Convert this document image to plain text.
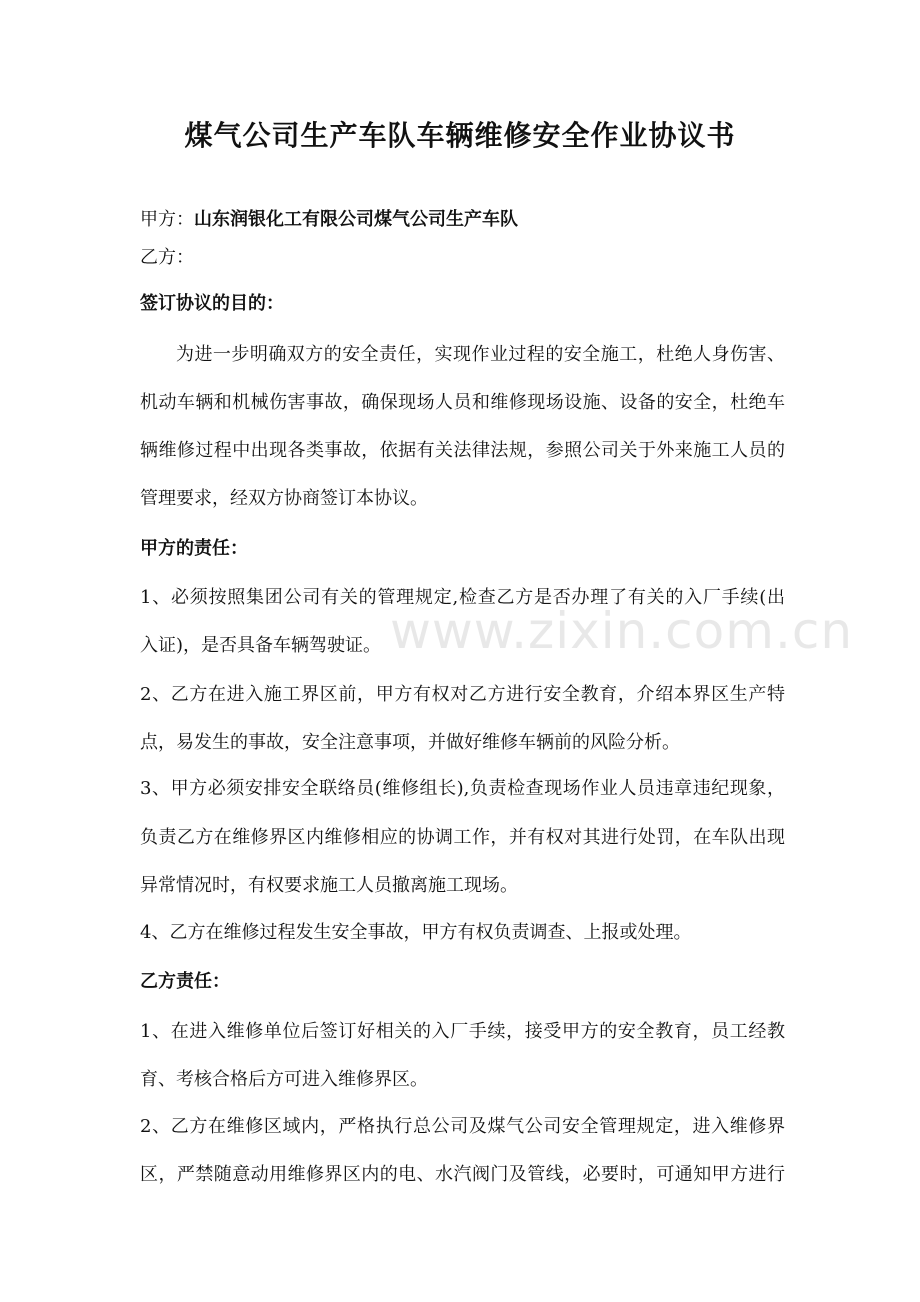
煤气公司生产车队车辆维修安全作业协议书

甲方：山东润银化工有限公司煤气公司生产车队

乙方：

签订协议的目的：

为进一步明确双方的安全责任，实现作业过程的安全施工，杜绝人身伤害、

机动车辆和机械伤害事故，确保现场人员和维修现场设施、设备的安全，杜绝车

辆维修过程中出现各类事故，依据有关法律法规，参照公司关于外来施工人员的

管理要求，经双方协商签订本协议。

甲方的责任：

1、必须按照集团公司有关的管理规定,检查乙方是否办理了有关的入厂手续(出

入证)，是否具备车辆驾驶证。

2、乙方在进入施工界区前，甲方有权对乙方进行安全教育，介绍本界区生产特

点，易发生的事故，安全注意事项，并做好维修车辆前的风险分析。

3、甲方必须安排安全联络员(维修组长),负责检查现场作业人员违章违纪现象，

负责乙方在维修界区内维修相应的协调工作，并有权对其进行处罚，在车队出现

异常情况时，有权要求施工人员撤离施工现场。

4、乙方在维修过程发生安全事故，甲方有权负责调查、上报或处理。

乙方责任：

1、在进入维修单位后签订好相关的入厂手续，接受甲方的安全教育，员工经教

育、考核合格后方可进入维修界区。

2、乙方在维修区域内，严格执行总公司及煤气公司安全管理规定，进入维修界

区，严禁随意动用维修界区内的电、水汽阀门及管线，必要时，可通知甲方进行

www.zixin.com.cn
